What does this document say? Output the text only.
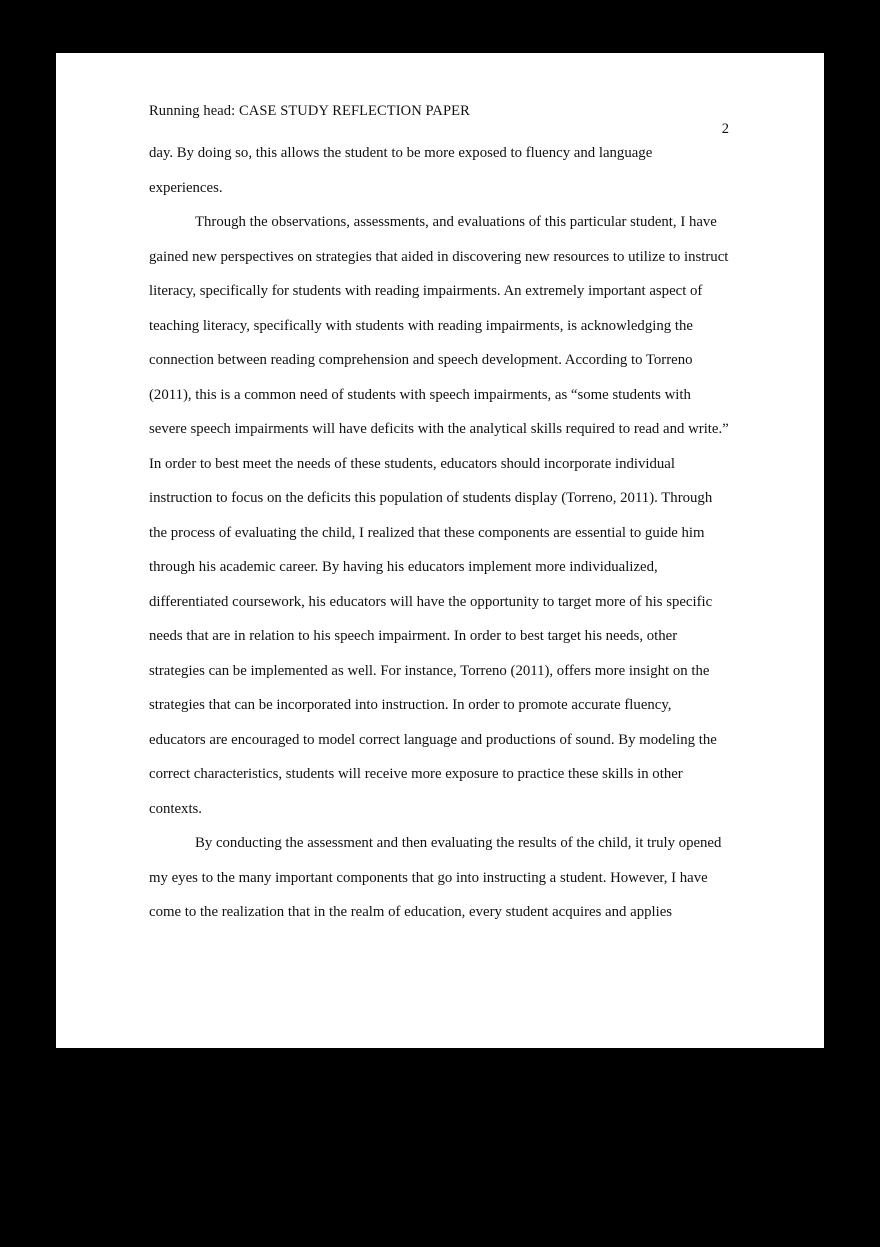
Running head: CASE STUDY REFLECTION PAPER
2

day. By doing so, this allows the student to be more exposed to fluency and language experiences.

Through the observations, assessments, and evaluations of this particular student, I have gained new perspectives on strategies that aided in discovering new resources to utilize to instruct literacy, specifically for students with reading impairments. An extremely important aspect of teaching literacy, specifically with students with reading impairments, is acknowledging the connection between reading comprehension and speech development. According to Torreno (2011), this is a common need of students with speech impairments, as “some students with severe speech impairments will have deficits with the analytical skills required to read and write.” In order to best meet the needs of these students, educators should incorporate individual instruction to focus on the deficits this population of students display (Torreno, 2011). Through the process of evaluating the child, I realized that these components are essential to guide him through his academic career. By having his educators implement more individualized, differentiated coursework, his educators will have the opportunity to target more of his specific needs that are in relation to his speech impairment. In order to best target his needs, other strategies can be implemented as well. For instance, Torreno (2011), offers more insight on the strategies that can be incorporated into instruction. In order to promote accurate fluency, educators are encouraged to model correct language and productions of sound. By modeling the correct characteristics, students will receive more exposure to practice these skills in other contexts.

By conducting the assessment and then evaluating the results of the child, it truly opened my eyes to the many important components that go into instructing a student. However, I have come to the realization that in the realm of education, every student acquires and applies
